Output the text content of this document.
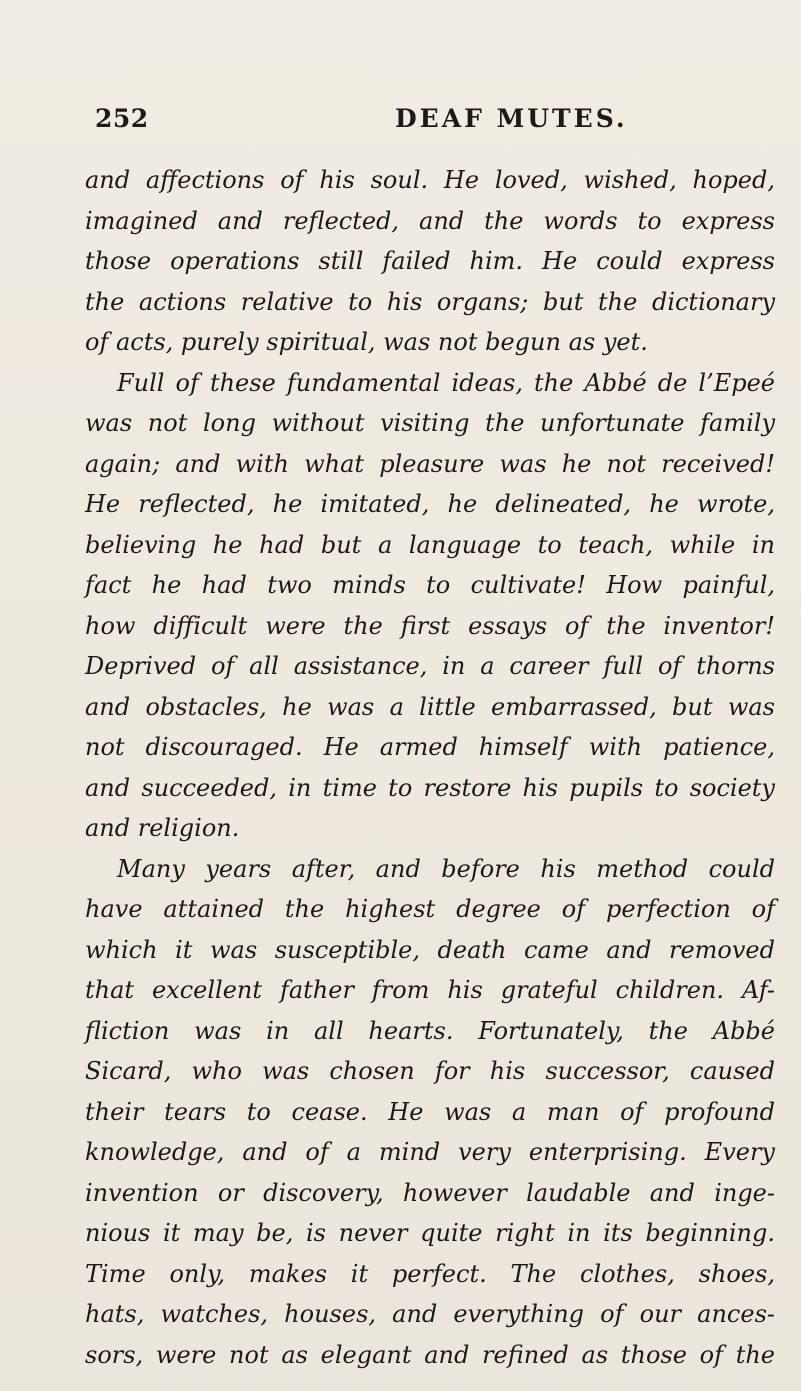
252	DEAF MUTES.
and affections of his soul. He loved, wished, hoped,
imagined and reflected, and the words to express
those operations still failed him. He could express
the actions relative to his organs; but the dictionary
of acts, purely spiritual, was not begun as yet.
Full of these fundamental ideas, the Abbé de l’Epeé
was not long without visiting the unfortunate family
again; and with what pleasure was he not received!
He reflected, he imitated, he delineated, he wrote,
believing he had but a language to teach, while in
fact he had two minds to cultivate! How painful,
how difficult were the first essays of the inventor!
Deprived of all assistance, in a career full of thorns
and obstacles, he was a little embarrassed, but was
not discouraged. He armed himself with patience,
and succeeded, in time to restore his pupils to society
and religion.
Many years after, and before his method could
have attained the highest degree of perfection of
which it was susceptible, death came and removed
that excellent father from his grateful children. Af-
fliction was in all hearts. Fortunately, the Abbé
Sicard, who was chosen for his successor, caused
their tears to cease. He was a man of profound
knowledge, and of a mind very enterprising. Every
invention or discovery, however laudable and inge-
nious it may be, is never quite right in its beginning.
Time only, makes it perfect. The clothes, shoes,
hats, watches, houses, and everything of our ances-
sors, were not as elegant and refined as those of the
